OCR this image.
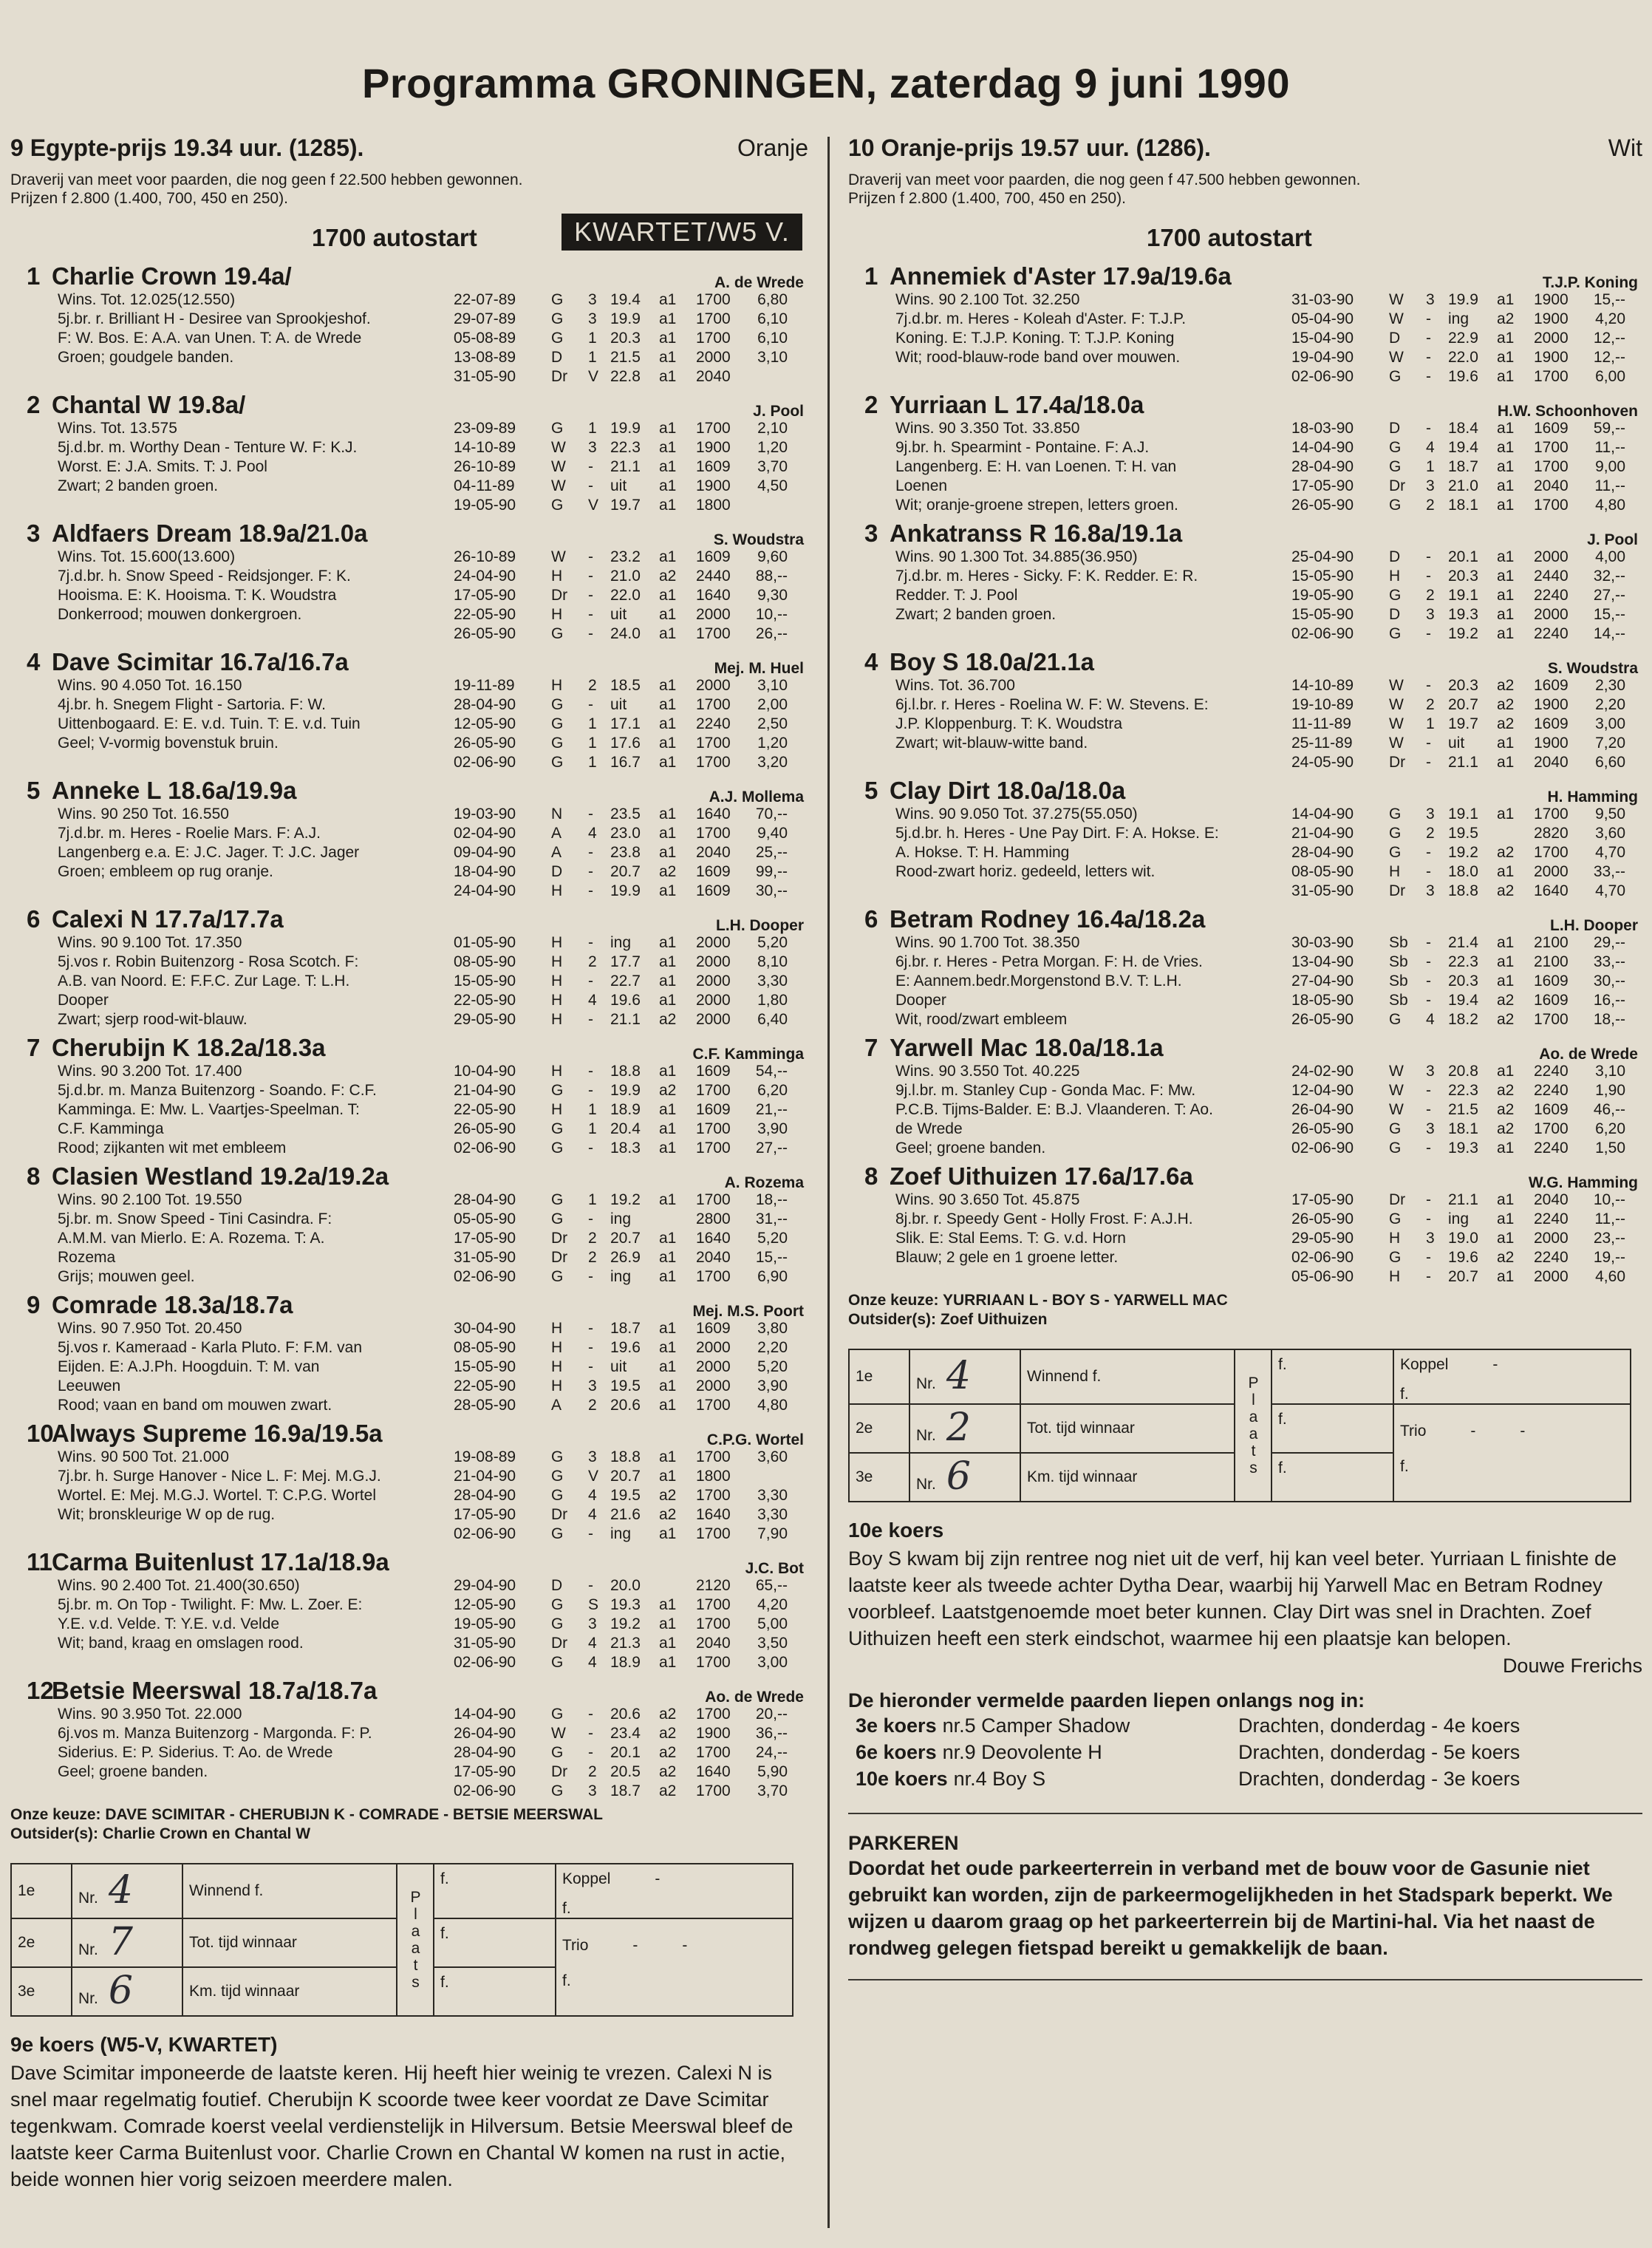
Programma GRONINGEN, zaterdag 9 juni 1990
9 Egypte-prijs 19.34 uur. (1285).	Oranje
Draverij van meet voor paarden, die nog geen f 22.500 hebben gewonnen.
Prijzen f 2.800 (1.400, 700, 450 en 250).
1700 autostart	KWARTET/W5 V.
1 Charlie Crown 19.4a/
Wins. Tot. 12.025(12.550)
5j.br. r. Brilliant H - Desiree van Sprookjeshof.
F: W. Bos. E: A.A. van Unen. T: A. de Wrede
Groen; goudgele banden.
A. de Wrede
22-07-89	G	3 19.4	a1	1700	6,80
29-07-89	G	3 19.9	a1	1700	6,10
05-08-89	G	1 20.3	a1	1700	6,10
13-08-89	D	1 21.5	a1	2000	3,10
31-05-90	Dr	V 22.8	a1	2040
2 Chantal W 19.8a/
Wins. Tot. 13.575
5j.d.br. m. Worthy Dean - Tenture W. F: K.J.
Worst. E: J.A. Smits. T: J. Pool
Zwart; 2 banden groen.
J. Pool
23-09-89	G	1 19.9	a1	1700	2,10
14-10-89	W	3 22.3	a1	1900	1,20
26-10-89	W	-	21.1	a1	1609	3,70
04-11-89	W	-	uit	a1	1900	4,50
19-05-90	G	V 19.7	a1	1800
3 Aldfaers Dream 18.9a/21.0a
Wins. Tot. 15.600(13.600)
7j.d.br. h. Snow Speed - Reidsjonger. F: K.
Hooisma. E: K. Hooisma. T: K. Woudstra
Donkerrood; mouwen donkergroen.
S. Woudstra
26-10-89	W	-	23.2	a1	1609	9,60
24-04-90	H	-	21.0	a2	2440	88,--
17-05-90	Dr	-	22.0	a1	1640	9,30
22-05-90	H	-	uit	a1	2000	10,--
26-05-90	G	-	24.0	a1	1700	26,--
4 Dave Scimitar 16.7a/16.7a
Wins. 90 4.050 Tot. 16.150
4j.br. h. Snegem Flight - Sartoria. F: W.
Uittenbogaard. E: E. v.d. Tuin. T: E. v.d. Tuin
Geel; V-vormig bovenstuk bruin.
Mej. M. Huel
19-11-89	H	2 18.5	a1	2000	3,10
28-04-90	G	-	uit	a1	1700	2,00
12-05-90	G	1 17.1	a1	2240	2,50
26-05-90	G	1 17.6	a1	1700	1,20
02-06-90	G	1 16.7	a1	1700	3,20
5 Anneke L 18.6a/19.9a
Wins. 90 250 Tot. 16.550
7j.d.br. m. Heres - Roelie Mars. F: A.J.
Langenberg e.a. E: J.C. Jager. T: J.C. Jager
Groen; embleem op rug oranje.
A.J. Mollema
19-03-90	N	-	23.5	a1	1640	70,--
02-04-90	A	4 23.0	a1	1700	9,40
09-04-90	A	-	23.8	a1	2040	25,--
18-04-90	D	-	20.7	a2	1609	99,--
24-04-90	H	-	19.9	a1	1609	30,--
6 Calexi N 17.7a/17.7a
Wins. 90 9.100 Tot. 17.350
5j.vos r. Robin Buitenzorg - Rosa Scotch. F:
A.B. van Noord. E: F.F.C. Zur Lage. T: L.H.
Dooper
Zwart; sjerp rood-wit-blauw.
L.H. Dooper
01-05-90	H	-	ing	a1	2000	5,20
08-05-90	H	2 17.7	a1	2000	8,10
15-05-90	H	-	22.7	a1	2000	3,30
22-05-90	H	4 19.6	a1	2000	1,80
29-05-90	H	-	21.1	a2	2000	6,40
7 Cherubijn K 18.2a/18.3a
Wins. 90 3.200 Tot. 17.400
5j.d.br. m. Manza Buitenzorg - Soando. F: C.F.
Kamminga. E: Mw. L. Vaartjes-Speelman. T:
C.F. Kamminga
Rood; zijkanten wit met embleem
C.F. Kamminga
10-04-90	H	-	18.8	a1	1609	54,--
21-04-90	G	-	19.9	a2	1700	6,20
22-05-90	H	1 18.9	a1	1609	21,--
26-05-90	G	1 20.4	a1	1700	3,90
02-06-90	G	-	18.3	a1	1700	27,--
8 Clasien Westland 19.2a/19.2a
Wins. 90 2.100 Tot. 19.550
5j.br. m. Snow Speed - Tini Casindra. F:
A.M.M. van Mierlo. E: A. Rozema. T: A.
Rozema
Grijs; mouwen geel.
A. Rozema
28-04-90	G	1 19.2	a1	1700	18,--
05-05-90	G	-	ing	2800	31,--
17-05-90	Dr	2 20.7	a1	1640	5,20
31-05-90	Dr	2 26.9	a1	2040	15,--
02-06-90	G	-	ing	a1	1700	6,90
9 Comrade 18.3a/18.7a
Wins. 90 7.950 Tot. 20.450
5j.vos r. Kameraad - Karla Pluto. F: F.M. van
Eijden. E: A.J.Ph. Hoogduin. T: M. van
Leeuwen
Rood; vaan en band om mouwen zwart.
Mej. M.S. Poort
30-04-90	H	-	18.7	a1	1609	3,80
08-05-90	H	-	19.6	a1	2000	2,20
15-05-90	H	-	uit	a1	2000	5,20
22-05-90	H	3 19.5	a1	2000	3,90
28-05-90	A	2 20.6	a1	1700	4,80
10
Always Supreme 16.9a/19.5a
Wins. 90 500 Tot. 21.000
7j.br. h. Surge Hanover - Nice L. F: Mej. M.G.J.
Wortel. E: Mej. M.G.J. Wortel. T: C.P.G. Wortel
Wit; bronskleurige W op de rug.
C.P.G. Wortel
19-08-89	G	3 18.8	a1	1700	3,60
21-04-90	G	V 20.7	a1	1800
28-04-90	G	4 19.5	a2	1700	3,30
17-05-90	Dr	4 21.6	a2	1640	3,30
02-06-90	G	-	ing	a1	1700	7,90
11 Carma Buitenlust 17.1a/18.9a
Wins. 90 2.400 Tot. 21.400(30.650)
5j.br. m. On Top - Twilight. F: Mw. L. Zoer. E:
Y.E. v.d. Velde. T: Y.E. v.d. Velde
Wit; band, kraag en omslagen rood.
J.C. Bot
29-04-90	D	-	20.0	2120	65,--
12-05-90	G	S 19.3	a1	1700	4,20
19-05-90	G	3 19.2	a1	1700	5,00
31-05-90	Dr	4 21.3	a1	2040	3,50
02-06-90	G	4 18.9	a1	1700	3,00
12
Betsie Meerswal 18.7a/18.7a
Wins. 90 3.950 Tot. 22.000
6j.vos m. Manza Buitenzorg - Margonda. F: P.
Siderius. E: P. Siderius. T: Ao. de Wrede
Geel; groene banden.
Ao. de Wrede
14-04-90	G	-	20.6	a2	1700	20,--
26-04-90	W	-	23.4	a2	1900	36,--
28-04-90	G	-	20.1	a2	1700	24,--
17-05-90	Dr	2 20.5	a2	1640	5,90
02-06-90	G	3 18.7	a2	1700	3,70
Onze keuze: DAVE SCIMITAR - CHERUBIJN K - COMRADE - BETSIE MEERSWAL
Outsider(s): Charlie Crown en Chantal W
1e	Nr. 4	Winnend f.	Plaats	f.	Koppel -
f.

2e	Nr. 7	Tot. tijd winnaar		f.	Trio - -
f.

3e	Nr. 6	Km. tijd winnaar		f.	
9e koers (W5-V, KWARTET)
Dave Scimitar imponeerde de laatste keren. Hij heeft hier weinig te vrezen. Calexi N is snel maar regelmatig foutief. Cherubijn K scoorde twee keer voordat ze Dave Scimitar tegenkwam. Comrade koerst veelal verdienstelijk in Hilversum. Betsie Meerswal bleef de laatste keer Carma Buitenlust voor. Charlie Crown en Chantal W komen na rust in actie, beide wonnen hier vorig seizoen meerdere malen.
10 Oranje-prijs 19.57 uur. (1286).	Wit
Draverij van meet voor paarden, die nog geen f 47.500 hebben gewonnen.
Prijzen f 2.800 (1.400, 700, 450 en 250).
1700 autostart
1 Annemiek d'Aster 17.9a/19.6a
Wins. 90 2.100 Tot. 32.250
7j.d.br. m. Heres - Koleah d'Aster. F: T.J.P.
Koning. E: T.J.P. Koning. T: T.J.P. Koning
Wit; rood-blauw-rode band over mouwen.
T.J.P. Koning
31-03-90	W	3 19.9	a1	1900	15,--
05-04-90	W	-	ing	a2	1900	4,20
15-04-90	D	-	22.9	a1	2000	12,--
19-04-90	W	-	22.0	a1	1900	12,--
02-06-90	G	-	19.6	a1	1700	6,00
2 Yurriaan L 17.4a/18.0a
Wins. 90 3.350 Tot. 33.850
9j.br. h. Spearmint - Pontaine. F: A.J.
Langenberg. E: H. van Loenen. T: H. van
Loenen
Wit; oranje-groene strepen, letters groen.
H.W. Schoonhoven
18-03-90	D	-	18.4	a1	1609	59,--
14-04-90	G	4 19.4	a1	1700	11,--
28-04-90	G	1 18.7	a1	1700	9,00
17-05-90	Dr	3 21.0	a1	2040	11,--
26-05-90	G	2 18.1	a1	1700	4,80
3 Ankatranss R 16.8a/19.1a
Wins. 90 1.300 Tot. 34.885(36.950)
7j.d.br. m. Heres - Sicky. F: K. Redder. E: R.
Redder. T: J. Pool
Zwart; 2 banden groen.
J. Pool
25-04-90	D	-	20.1	a1	2000	4,00
15-05-90	H	-	20.3	a1	2440	32,--
19-05-90	G	2 19.1	a1	2240	27,--
15-05-90	D	3 19.3	a1	2000	15,--
02-06-90	G	-	19.2	a1	2240	14,--
4 Boy S 18.0a/21.1a
Wins. Tot. 36.700
6j.l.br. r. Heres - Roelina W. F: W. Stevens. E:
J.P. Kloppenburg. T: K. Woudstra
Zwart; wit-blauw-witte band.
S. Woudstra
14-10-89	W	-	20.3	a2	1609	2,30
19-10-89	W	2 20.7	a2	1900	2,20
11-11-89	W	1 19.7	a2	1609	3,00
25-11-89	W	-	uit	a1	1900	7,20
24-05-90	Dr	-	21.1	a1	2040	6,60
5 Clay Dirt 18.0a/18.0a
Wins. 90 9.050 Tot. 37.275(55.050)
5j.d.br. h. Heres - Une Pay Dirt. F: A. Hokse. E:
A. Hokse. T: H. Hamming
Rood-zwart horiz. gedeeld, letters wit.
H. Hamming
14-04-90	G	3 19.1	a1	1700	9,50
21-04-90	G	2 19.5	2820	3,60
28-04-90	G	-	19.2	a2	1700	4,70
08-05-90	H	-	18.0	a1	2000	33,--
31-05-90	Dr	3 18.8	a2	1640	4,70
6 Betram Rodney 16.4a/18.2a
Wins. 90 1.700 Tot. 38.350
6j.br. r. Heres - Petra Morgan. F: H. de Vries.
E: Aannem.bedr.Morgenstond B.V. T: L.H.
Dooper
Wit, rood/zwart embleem
L.H. Dooper
30-03-90	Sb	-	21.4	a1	2100	29,--
13-04-90	Sb	-	22.3	a1	2100	33,--
27-04-90	Sb	-	20.3	a1	1609	30,--
18-05-90	Sb	-	19.4	a2	1609	16,--
26-05-90	G	4 18.2	a2	1700	18,--
7 Yarwell Mac 18.0a/18.1a
Wins. 90 3.550 Tot. 40.225
9j.l.br. m. Stanley Cup - Gonda Mac. F: Mw.
P.C.B. Tijms-Balder. E: B.J. Vlaanderen. T: Ao.
de Wrede
Geel; groene banden.
Ao. de Wrede
24-02-90	W	3 20.8	a1	2240	3,10
12-04-90	W	-	22.3	a2	2240	1,90
26-04-90	W	-	21.5	a2	1609	46,--
26-05-90	G	3 18.1	a2	1700	6,20
02-06-90	G	-	19.3	a1	2240	1,50
8 Zoef Uithuizen 17.6a/17.6a
Wins. 90 3.650 Tot. 45.875
8j.br. r. Speedy Gent - Holly Frost. F: A.J.H.
Slik. E: Stal Eems. T: G. v.d. Horn
Blauw; 2 gele en 1 groene letter.
W.G. Hamming
17-05-90	Dr	-	21.1	a1	2040	10,--
26-05-90	G	-	ing	a1	2240	11,--
29-05-90	H	3 19.0	a1	2000	23,--
02-06-90	G	-	19.6	a2	2240	19,--
05-06-90	H	-	20.7	a1	2000	4,60
Onze keuze: YURRIAAN L - BOY S - YARWELL MAC
Outsider(s): Zoef Uithuizen
1e	Nr. 4	Winnend f.	Plaats	f.	Koppel -
f.

2e	Nr. 2	Tot. tijd winnaar		f.	Trio - -
f.

3e	Nr. 6	Km. tijd winnaar		f.	
10e koers
Boy S kwam bij zijn rentree nog niet uit de verf, hij kan veel beter. Yurriaan L finishte de laatste keer als tweede achter Dytha Dear, waarbij hij Yarwell Mac en Betram Rodney voorbleef. Laatstgenoemde moet beter kunnen. Clay Dirt was snel in Drachten. Zoef Uithuizen heeft een sterk eindschot, waarmee hij een plaatsje kan belopen.
Douwe Frerichs
De hieronder vermelde paarden liepen onlangs nog in:
3e koers nr.5 Camper Shadow	Drachten, donderdag - 4e koers
6e koers nr.9 Deovolente H	Drachten, donderdag - 5e koers
10e koers nr.4 Boy S	Drachten, donderdag - 3e koers
PARKEREN
Doordat het oude parkeerterrein in verband met de bouw voor de Gasunie niet gebruikt kan worden, zijn de parkeermogelijkheden in het Stadspark beperkt. We wijzen u daarom graag op het parkeerterrein bij de Martini-hal. Via het naast de rondweg gelegen fietspad bereikt u gemakkelijk de baan.
